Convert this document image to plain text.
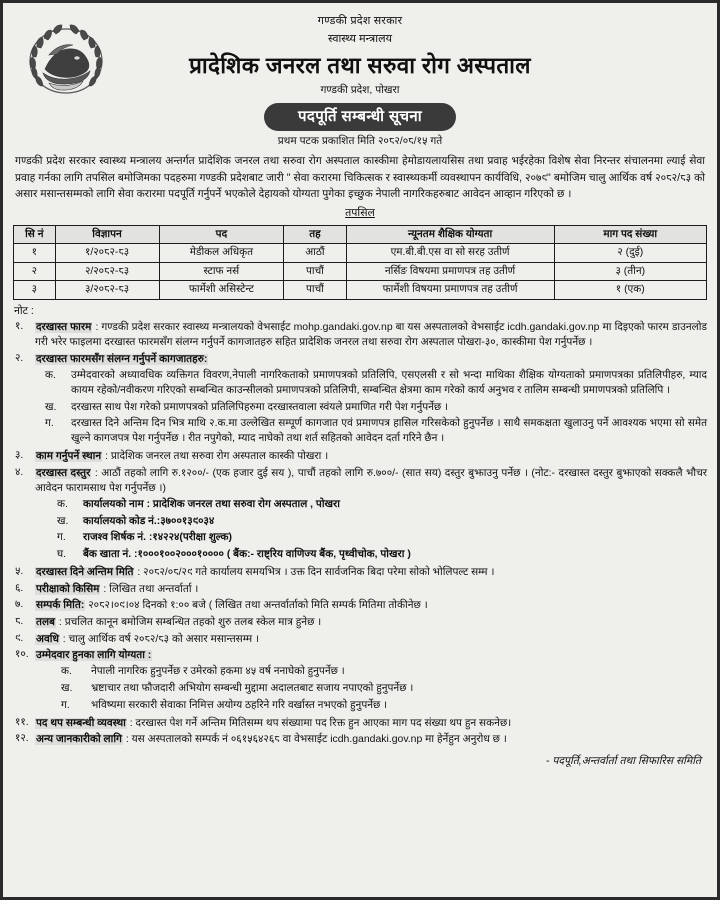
गण्डकी प्रदेश सरकार
स्वास्थ्य मन्त्रालय
प्रादेशिक जनरल तथा सरुवा रोग अस्पताल
गण्डकी प्रदेश, पोखरा
पदपूर्ति सम्बन्धी सूचना
प्रथम पटक प्रकाशित मिति २०८२/०८/१५ गते
गण्डकी प्रदेश सरकार स्वास्थ्य मन्त्रालय अन्तर्गत प्रादेशिक जनरल तथा सरुवा रोग अस्पताल कास्कीमा हेमोडायलायसिस तथा प्रवाह भईरहेका विशेष सेवा निरन्तर संचालनमा ल्याई सेवा प्रवाह गर्नका लागि तपसिल बमोजिमका पदहरुमा गण्डकी प्रदेशबाट जारी " सेवा करारमा चिकित्सक र स्वास्थ्यकर्मी व्यवस्थापन कार्यविधि, २०७९" बमोजिम चालु आर्थिक वर्ष २०८२/८३ को असार मसान्तसम्मको लागि सेवा करारमा पदपूर्ति गर्नुपर्ने भएकोले देहायको योग्यता पुगेका इच्छुक नेपाली नागरिकहरुबाट आवेदन आव्हान गरिएको छ ।
तपसिल
सि नं	विज्ञापन	पद	तह	न्यूनतम शैक्षिक योग्यता	माग पद संख्या
१	१/२०८२-८३	मेडीकल अधिकृत	आठौं	एम.बी.बी.एस वा सो सरह उतीर्ण	२ (दुई)
२	२/२०८२-८३	स्टाफ नर्स	पाचौं	नर्सिङ विषयमा प्रमाणपत्र तह उतीर्ण	३ (तीन)
३	३/२०८२-८३	फार्मेशी असिस्टेन्ट	पाचौं	फार्मेशी विषयमा प्रमाणपत्र तह उतीर्ण	१ (एक)
नोट :
१.	दरखास्त फारम : गण्डकी प्रदेश सरकार स्वास्थ्य मन्त्रालयको वेभसाईट mohp.gandaki.gov.np बा यस अस्पतालको वेभसाईट icdh.gandaki.gov.np मा दिइएको फारम डाउनलोड गरी भरेर फाइलमा दरखास्त फारमसँग संलग्न गर्नुपर्ने कागजातहरु सहित प्रादेशिक जनरल तथा सरुवा रोग अस्पताल पोखरा-३०, कास्कीमा पेश गर्नुपर्नेछ ।
२.	दरखास्त फारमसँग संलग्न गर्नुपर्ने कागजातहरु:
क.	उम्मेदवारको अध्यावधिक व्यक्तिगत विवरण,नेपाली नागरिकताको प्रमाणपत्रको प्रतिलिपि, एसएलसी र सो भन्दा माथिका शैक्षिक योग्यताको प्रमाणपत्रका प्रतिलिपीहरु, म्याद कायम रहेको/नवीकरण गरिएको सम्बन्धित काउन्सीलको प्रमाणपत्रको प्रतिलिपी, सम्बन्धित क्षेत्रमा काम गरेको कार्य अनुभव र तालिम सम्बन्धी प्रमाणपत्रको प्रतिलिपि ।
ख.	दरखास्त साथ पेश गरेको प्रमाणपत्रको प्रतिलिपिहरुमा दरखास्तवाला स्वंयले प्रमाणित गरी पेश गर्नुपर्नेछ ।
ग.	दरखास्त दिने अन्तिम दिन भित्र माथि २.क.मा उल्लेखित सम्पूर्ण कागजात एवं प्रमाणपत्र हासिल गरिसकेको हुनुपर्नेछ । साथै समकक्षता खुलाउनु पर्ने आवश्यक भएमा सो समेत खुल्ने कागजपत्र पेश गर्नुपर्नेछ । रीत नपुगेको, म्याद नाघेको तथा शर्त सहितको आवेदन दर्ता गरिने छैन ।
३.	काम गर्नुपर्ने स्थान : प्रादेशिक जनरल तथा सरुवा रोग अस्पताल कास्की पोखरा ।
४.	दरखास्त दस्तुर : आठौं तहको लागि रु.१२००/- (एक हजार दुई सय ), पाचौं तहको लागि रु.७००/- (सात सय) दस्तुर बुझाउनु पर्नेछ । (नोट:- दरखास्त दस्तुर बुझाएको सक्कलै भौचर आवेदन फारामसाथ पेश गर्नुपर्नेछ ।)
क.	कार्यालयको नाम : प्रादेशिक जनरल तथा सरुवा रोग अस्पताल , पोखरा
ख.	कार्यालयको कोड नं.:३७००१३९०३४
ग.	राजश्व शिर्षक नं. :१४२२४(परीक्षा शुल्क)
घ.	बैंक खाता नं. :१०००१००२०००१०००० ( बैंक:- राष्ट्रिय वाणिज्य बैंक, पृथ्वीचोक, पोखरा )
५.	दरखास्त दिने अन्तिम मिति : २०८२/०८/२९ गते कार्यालय समयभित्र । उक्त दिन सार्वजनिक बिदा परेमा सोको भोलिपल्ट सम्म ।
६.	परीक्षाको किसिम : लिखित तथा अन्तर्वार्ता ।
७.	सम्पर्क मिति: २०८२।०९।०४ दिनको १:०० बजे ( लिखित तथा अन्तर्वार्ताको मिति सम्पर्क मितिमा तोकीनेछ ।
८.	तलब : प्रचलित कानून बमोजिम सम्बन्धित तहको शुरु तलब स्केल मात्र हुनेछ ।
९.	अवधि : चालु आर्थिक वर्ष २०८२/८३ को असार मसान्तसम्म ।
१०. उम्मेदवार हुनका लागि योग्यता :
क.	नेपाली नागरिक हुनुपर्नेछ र उमेरको हकमा ४५ वर्ष ननाघेको हुनुपर्नेछ ।
ख.	भ्रष्टाचार तथा फौजदारी अभियोग सम्बन्धी मुद्दामा अदालतबाट सजाय नपाएको हुनुपर्नेछ ।
ग.	भविष्यमा सरकारी सेवाका निमित्त अयोग्य ठहरिने गरि वर्खास्त नभएको हुनुपर्नेछ ।
११. पद थप सम्बन्धी व्यवस्था : दरखास्त पेश गर्ने अन्तिम मितिसम्म थप संख्यामा पद रिक्त हुन आएका माग पद संख्या थप हुन सकनेछ।
१२. अन्य जानकारीको लागि : यस अस्पतालको सम्पर्क नं ०६१५६४२६८ वा वेभसाईट icdh.gandaki.gov.np मा हेर्नेहुन अनुरोध छ ।
- पदपूर्ति,अन्तर्वार्ता तथा सिफारिस समिति
